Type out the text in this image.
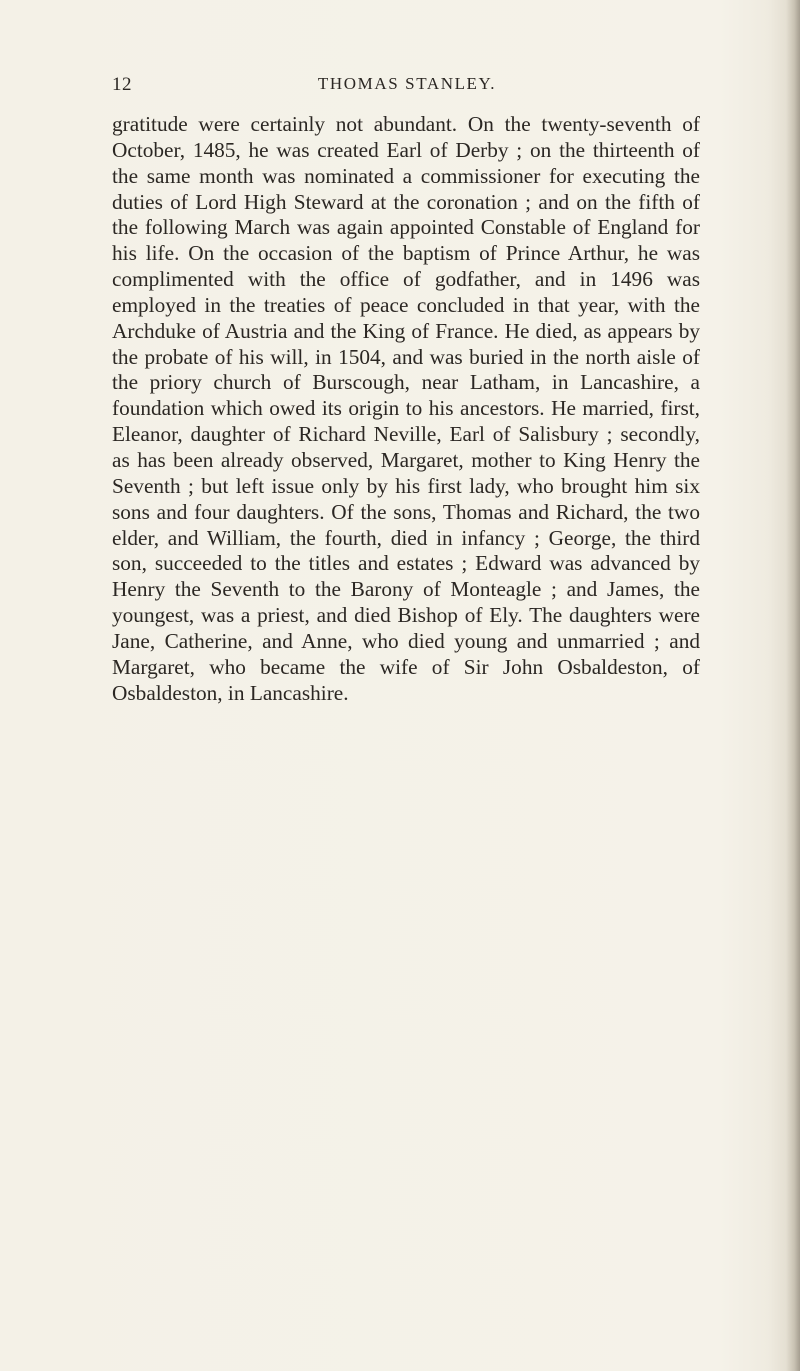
12	THOMAS STANLEY.

gratitude were certainly not abundant. On the twenty-seventh of October, 1485, he was created Earl of Derby ; on the thirteenth of the same month was nominated a commissioner for executing the duties of Lord High Steward at the coronation ; and on the fifth of the following March was again appointed Constable of England for his life. On the occasion of the baptism of Prince Arthur, he was complimented with the office of godfather, and in 1496 was employed in the treaties of peace concluded in that year, with the Archduke of Austria and the King of France. He died, as appears by the probate of his will, in 1504, and was buried in the north aisle of the priory church of Burscough, near Latham, in Lancashire, a foundation which owed its origin to his ancestors. He married, first, Eleanor, daughter of Richard Neville, Earl of Salisbury ; secondly, as has been already observed, Margaret, mother to King Henry the Seventh ; but left issue only by his first lady, who brought him six sons and four daughters. Of the sons, Thomas and Richard, the two elder, and William, the fourth, died in infancy ; George, the third son, succeeded to the titles and estates ; Edward was advanced by Henry the Seventh to the Barony of Monteagle ; and James, the youngest, was a priest, and died Bishop of Ely. The daughters were Jane, Catherine, and Anne, who died young and unmarried ; and Margaret, who became the wife of Sir John Osbaldeston, of Osbaldeston, in Lancashire.
